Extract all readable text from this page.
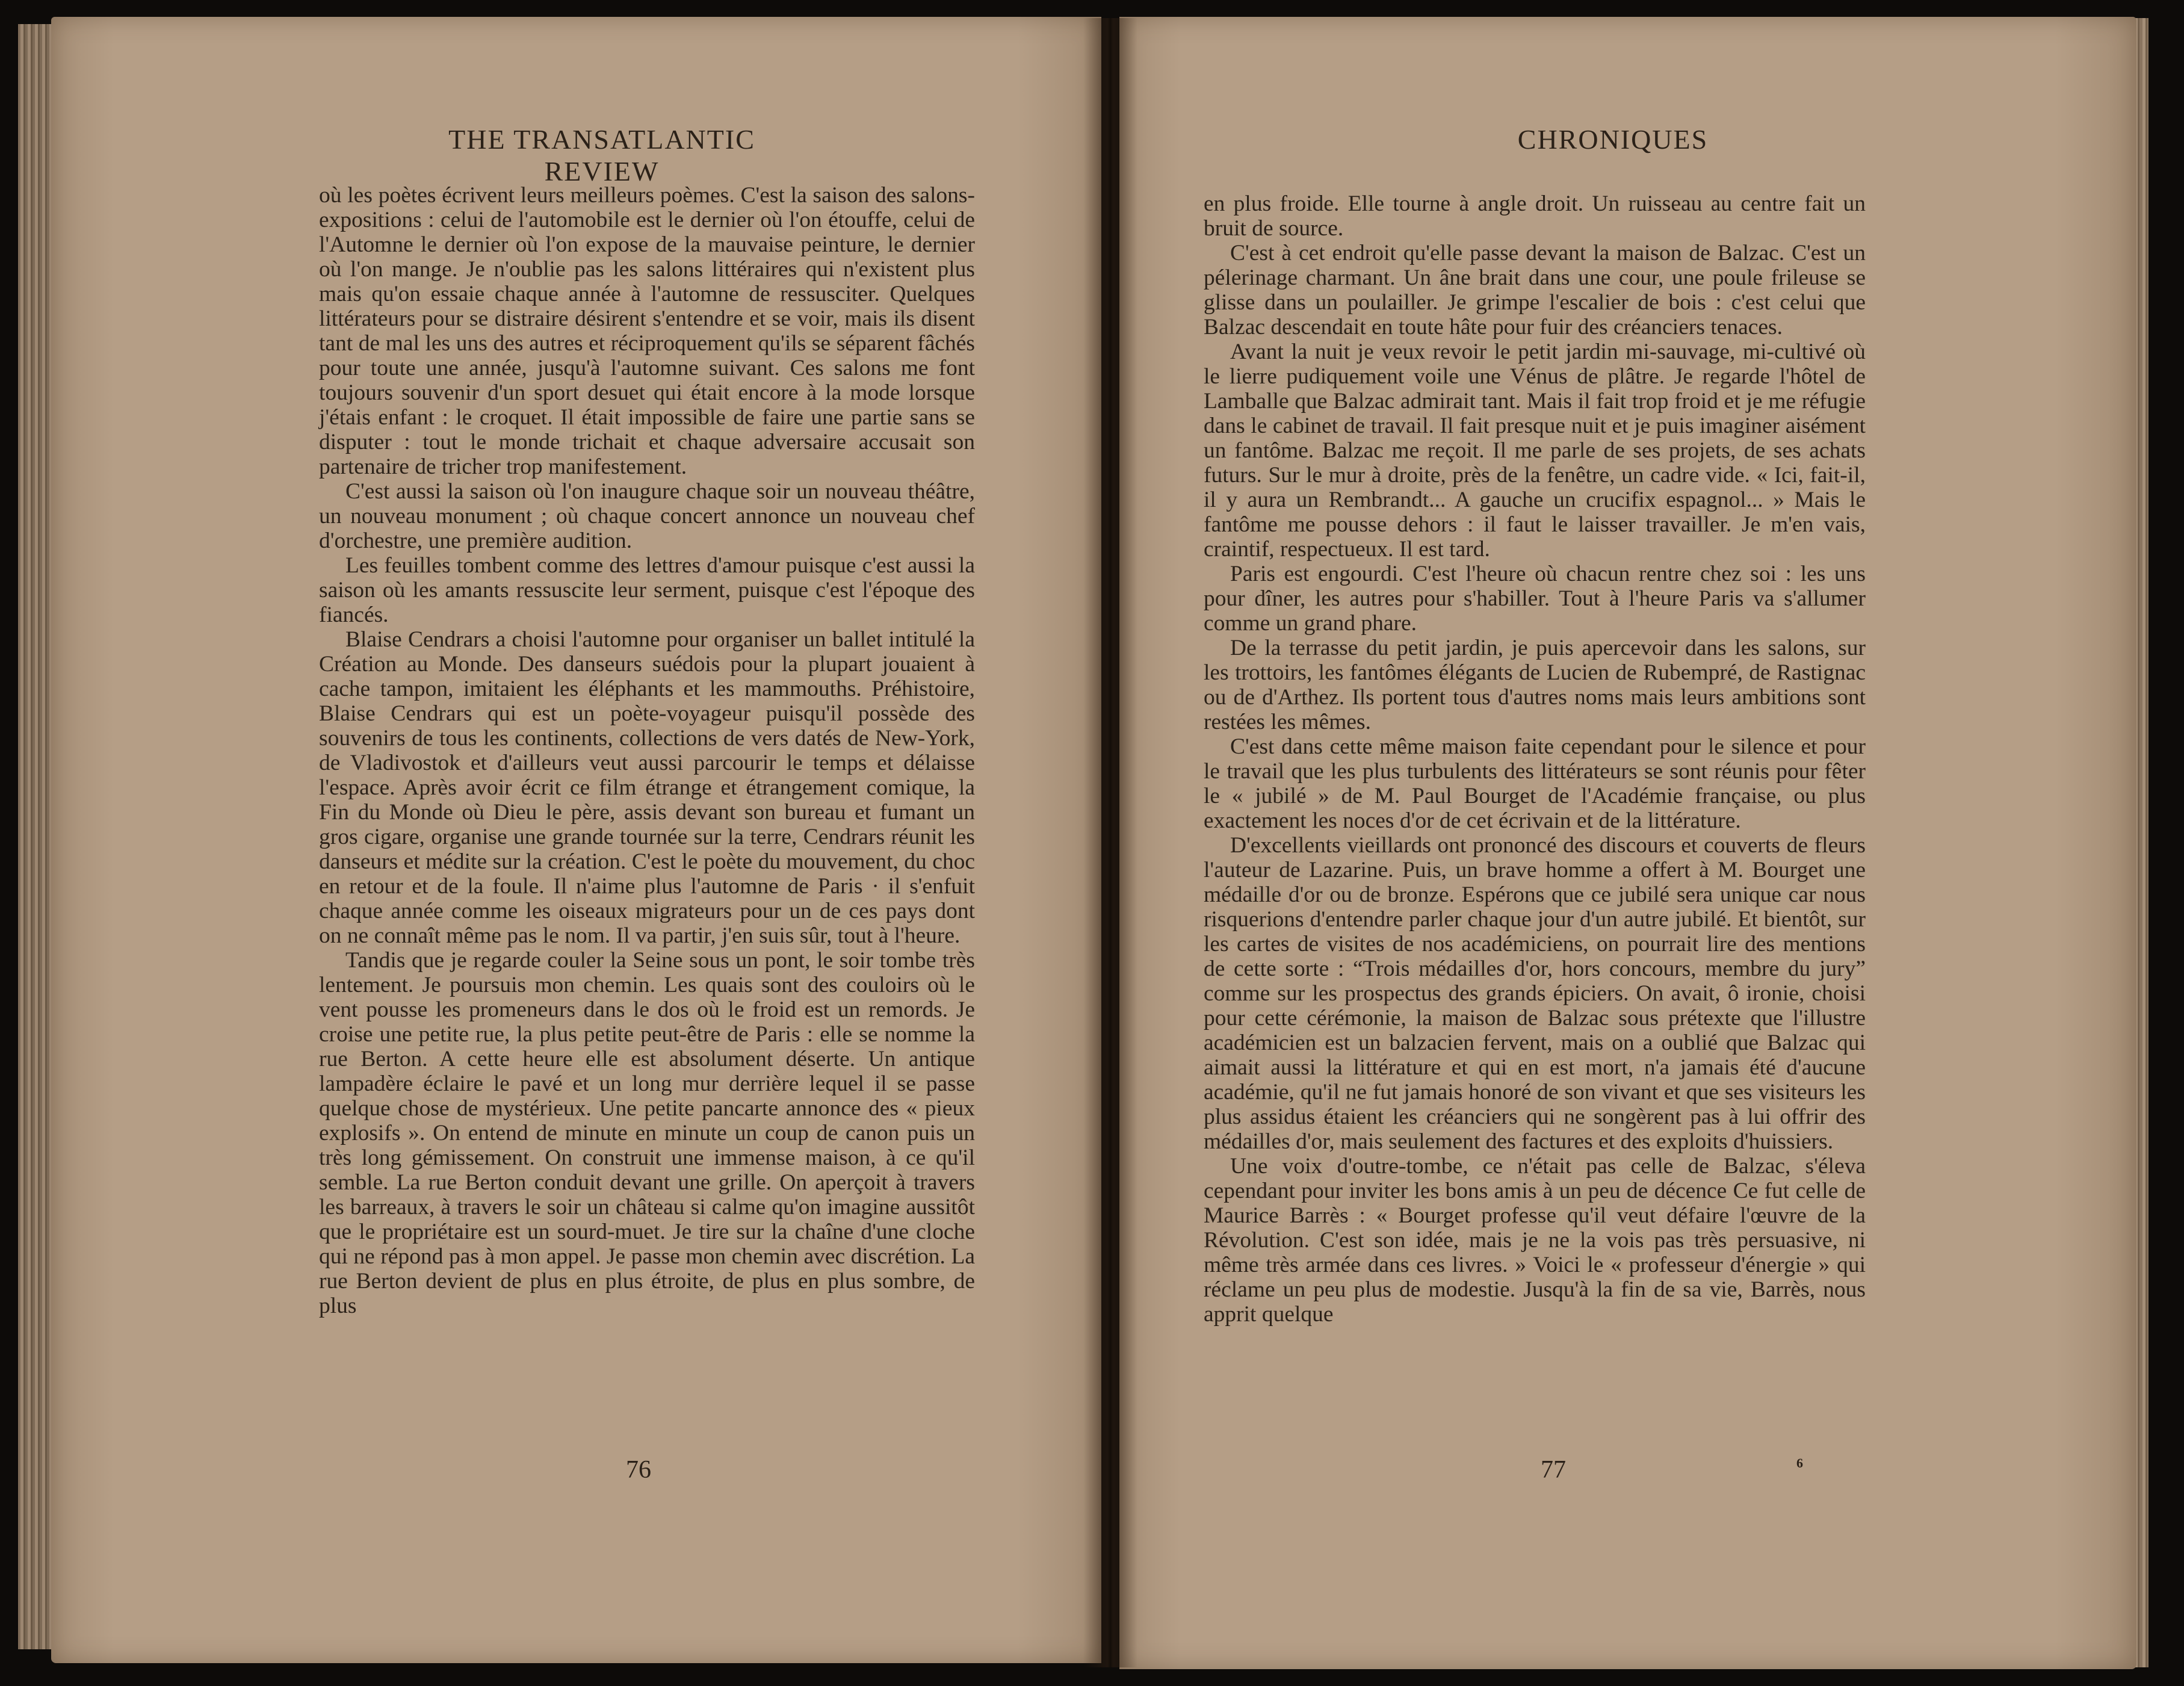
THE TRANSATLANTIC REVIEW
CHRONIQUES

où les poètes écrivent leurs meilleurs poèmes. C'est la saison des salons-expositions : celui de l'automobile est le dernier où l'on étouffe, celui de l'Automne le dernier où l'on expose de la mauvaise peinture, le dernier où l'on mange. Je n'oublie pas les salons littéraires qui n'existent plus mais qu'on essaie chaque année à l'automne de ressusciter. Quelques littérateurs pour se distraire désirent s'entendre et se voir, mais ils disent tant de mal les uns des autres et réciproquement qu'ils se séparent fâchés pour toute une année, jusqu'à l'automne suivant. Ces salons me font toujours souvenir d'un sport desuet qui était encore à la mode lorsque j'étais enfant : le croquet. Il était impossible de faire une partie sans se disputer : tout le monde trichait et chaque adversaire accusait son partenaire de tricher trop manifestement.

C'est aussi la saison où l'on inaugure chaque soir un nouveau théâtre, un nouveau monument ; où chaque concert annonce un nouveau chef d'orchestre, une première audition.

Les feuilles tombent comme des lettres d'amour puisque c'est aussi la saison où les amants ressuscite leur serment, puisque c'est l'époque des fiancés.

Blaise Cendrars a choisi l'automne pour organiser un ballet intitulé la Création au Monde. Des danseurs suédois pour la plupart jouaient à cache tampon, imitaient les éléphants et les mammouths. Préhistoire, Blaise Cendrars qui est un poète-voyageur puisqu'il possède des souvenirs de tous les continents, collections de vers datés de New-York, de Vladivostok et d'ailleurs veut aussi parcourir le temps et délaisse l'espace. Après avoir écrit ce film étrange et étrangement comique, la Fin du Monde où Dieu le père, assis devant son bureau et fumant un gros cigare, organise une grande tournée sur la terre, Cendrars réunit les danseurs et médite sur la création. C'est le poète du mouvement, du choc en retour et de la foule. Il n'aime plus l'automne de Paris · il s'enfuit chaque année comme les oiseaux migrateurs pour un de ces pays dont on ne connaît même pas le nom. Il va partir, j'en suis sûr, tout à l'heure.

Tandis que je regarde couler la Seine sous un pont, le soir tombe très lentement. Je poursuis mon chemin. Les quais sont des couloirs où le vent pousse les promeneurs dans le dos où le froid est un remords. Je croise une petite rue, la plus petite peut-être de Paris : elle se nomme la rue Berton. A cette heure elle est absolument déserte. Un antique lampadère éclaire le pavé et un long mur derrière lequel il se passe quelque chose de mystérieux. Une petite pancarte annonce des « pieux explosifs ». On entend de minute en minute un coup de canon puis un très long gémissement. On construit une immense maison, à ce qu'il semble. La rue Berton conduit devant une grille. On aperçoit à travers les barreaux, à travers le soir un château si calme qu'on imagine aussitôt que le propriétaire est un sourd-muet. Je tire sur la chaîne d'une cloche qui ne répond pas à mon appel. Je passe mon chemin avec discrétion. La rue Berton devient de plus en plus étroite, de plus en plus sombre, de plus

en plus froide. Elle tourne à angle droit. Un ruisseau au centre fait un bruit de source.

C'est à cet endroit qu'elle passe devant la maison de Balzac. C'est un pélerinage charmant. Un âne brait dans une cour, une poule frileuse se glisse dans un poulailler. Je grimpe l'escalier de bois : c'est celui que Balzac descendait en toute hâte pour fuir des créanciers tenaces.

Avant la nuit je veux revoir le petit jardin mi-sauvage, mi-cultivé où le lierre pudiquement voile une Vénus de plâtre. Je regarde l'hôtel de Lamballe que Balzac admirait tant. Mais il fait trop froid et je me réfugie dans le cabinet de travail. Il fait presque nuit et je puis imaginer aisément un fantôme. Balzac me reçoit. Il me parle de ses projets, de ses achats futurs. Sur le mur à droite, près de la fenêtre, un cadre vide. « Ici, fait-il, il y aura un Rembrandt... A gauche un crucifix espagnol... » Mais le fantôme me pousse dehors : il faut le laisser travailler. Je m'en vais, craintif, respectueux. Il est tard.

Paris est engourdi. C'est l'heure où chacun rentre chez soi : les uns pour dîner, les autres pour s'habiller. Tout à l'heure Paris va s'allumer comme un grand phare.

De la terrasse du petit jardin, je puis apercevoir dans les salons, sur les trottoirs, les fantômes élégants de Lucien de Rubempré, de Rastignac ou de d'Arthez. Ils portent tous d'autres noms mais leurs ambitions sont restées les mêmes.

C'est dans cette même maison faite cependant pour le silence et pour le travail que les plus turbulents des littérateurs se sont réunis pour fêter le « jubilé » de M. Paul Bourget de l'Académie française, ou plus exactement les noces d'or de cet écrivain et de la littérature.

D'excellents vieillards ont prononcé des discours et couverts de fleurs l'auteur de Lazarine. Puis, un brave homme a offert à M. Bourget une médaille d'or ou de bronze. Espérons que ce jubilé sera unique car nous risquerions d'entendre parler chaque jour d'un autre jubilé. Et bientôt, sur les cartes de visites de nos académiciens, on pourrait lire des mentions de cette sorte : “Trois médailles d'or, hors concours, membre du jury” comme sur les prospectus des grands épiciers. On avait, ô ironie, choisi pour cette cérémonie, la maison de Balzac sous prétexte que l'illustre académicien est un balzacien fervent, mais on a oublié que Balzac qui aimait aussi la littérature et qui en est mort, n'a jamais été d'aucune académie, qu'il ne fut jamais honoré de son vivant et que ses visiteurs les plus assidus étaient les créanciers qui ne songèrent pas à lui offrir des médailles d'or, mais seulement des factures et des exploits d'huissiers.

Une voix d'outre-tombe, ce n'était pas celle de Balzac, s'éleva cependant pour inviter les bons amis à un peu de décence Ce fut celle de Maurice Barrès : « Bourget professe qu'il veut défaire l'œuvre de la Révolution. C'est son idée, mais je ne la vois pas très persuasive, ni même très armée dans ces livres. » Voici le « professeur d'énergie » qui réclame un peu plus de modestie. Jusqu'à la fin de sa vie, Barrès, nous apprit quelque

76	77	6
